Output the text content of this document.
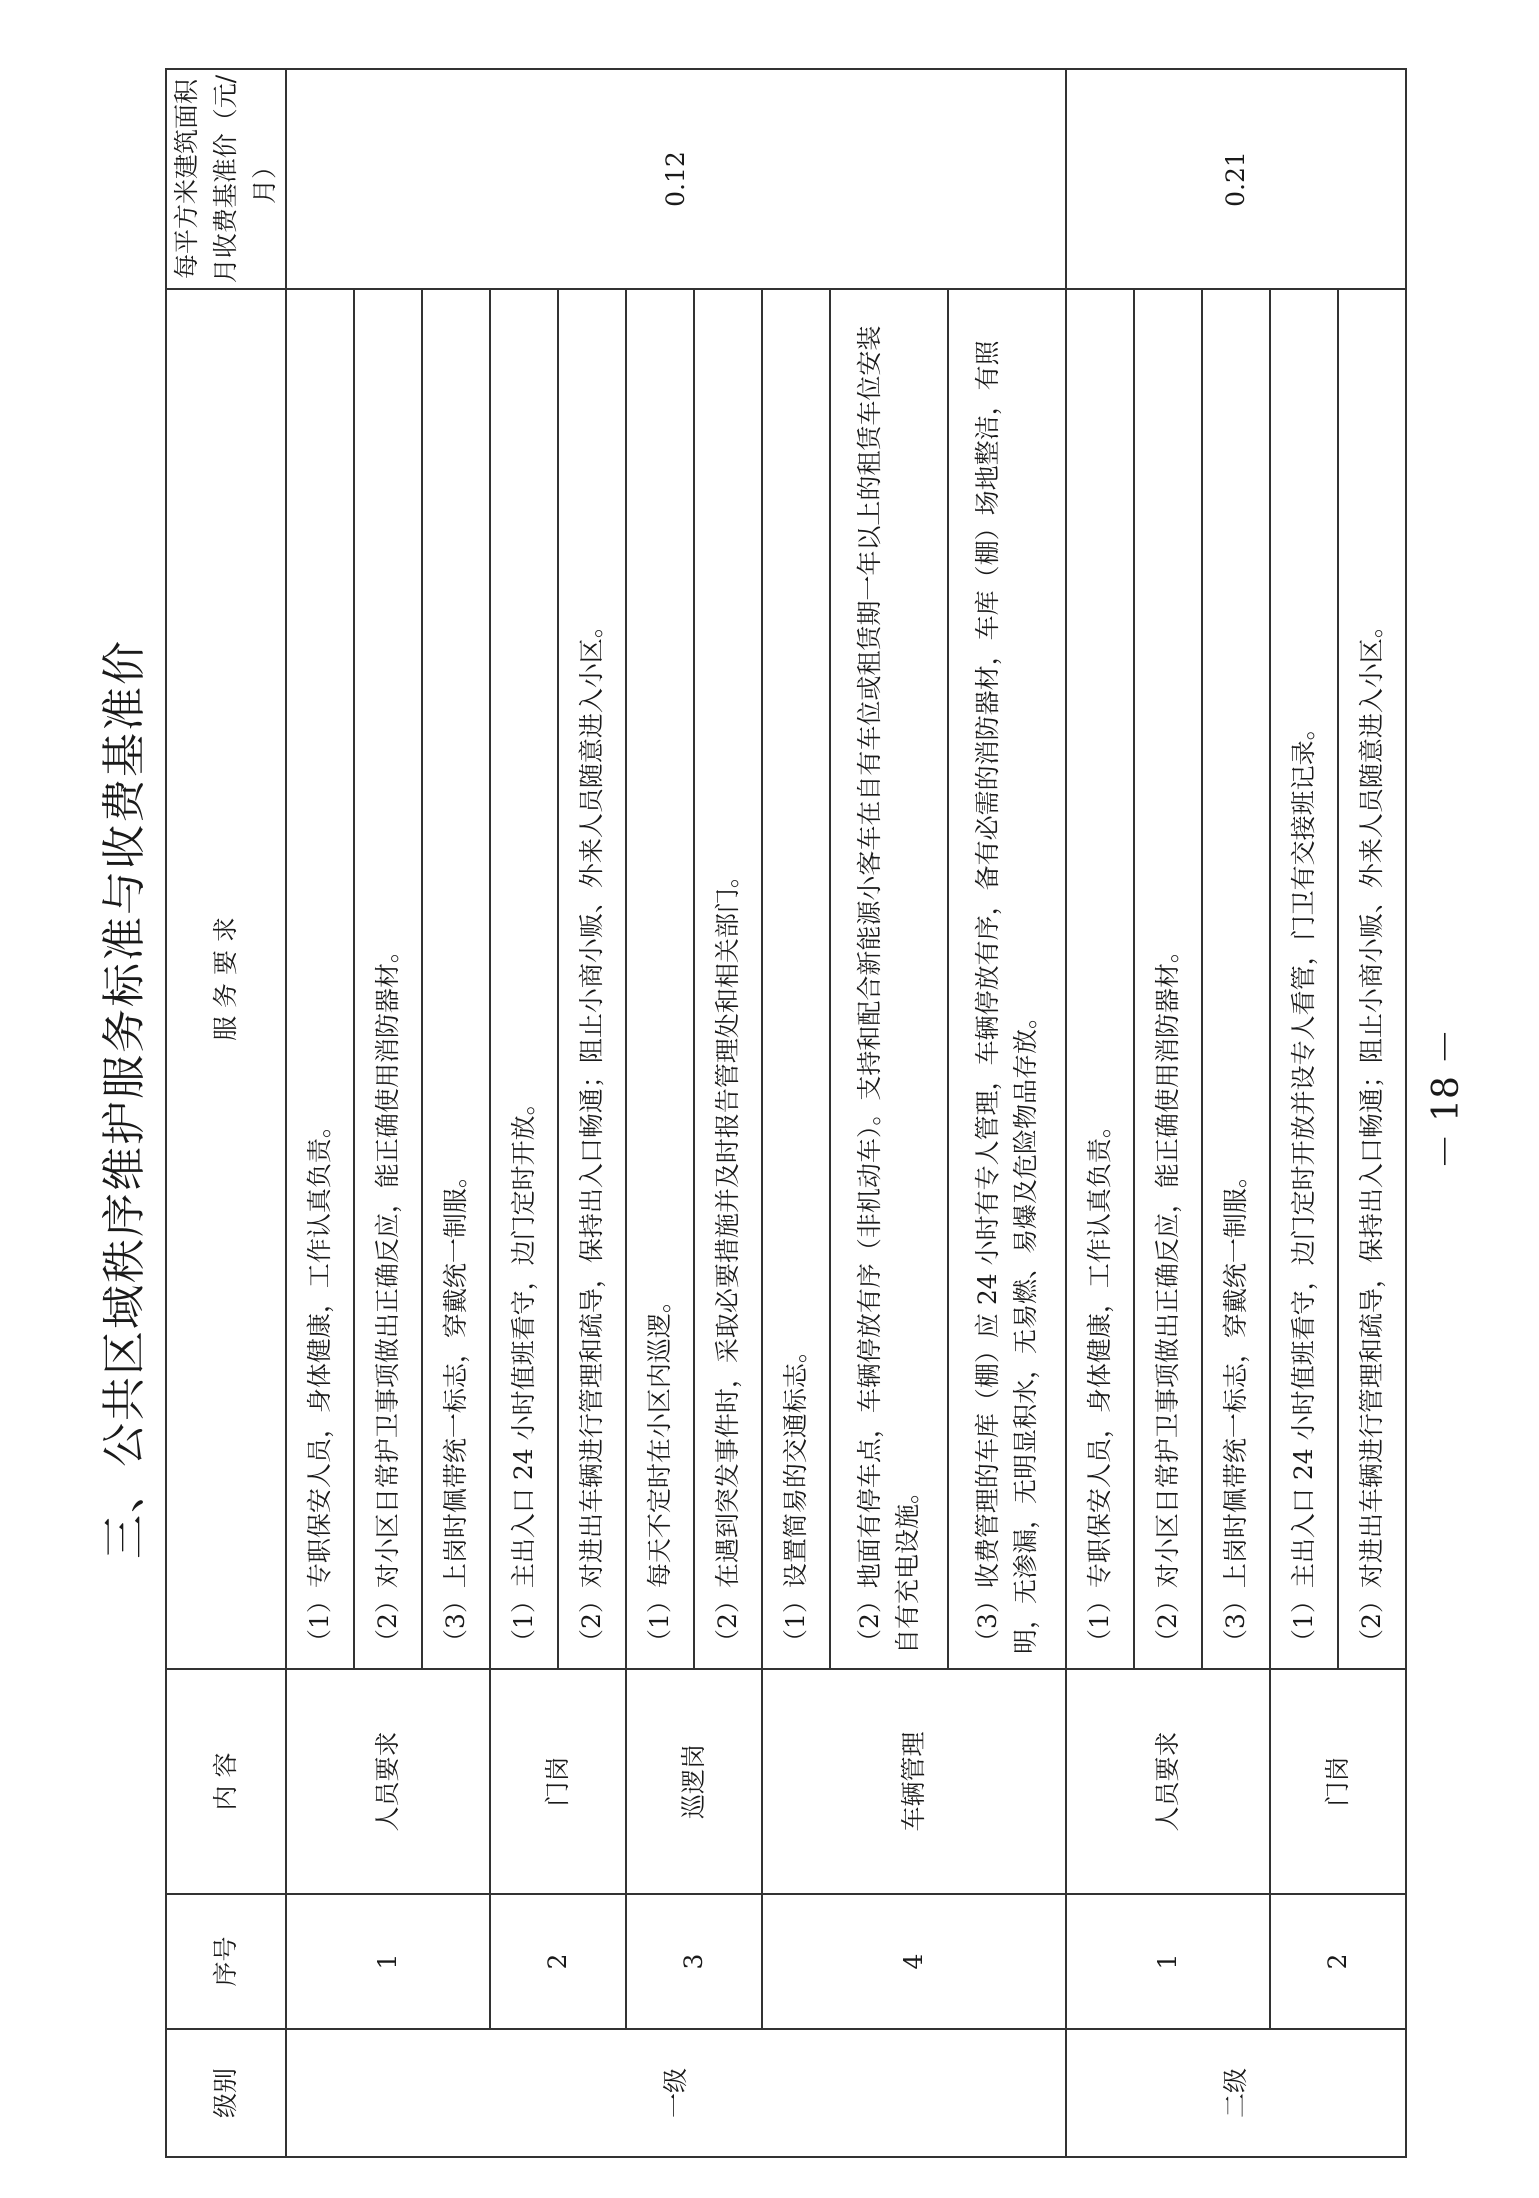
三、公共区域秩序维护服务标准与收费基准价
级别	序号	内 容	服 务 要 求	每平方米建筑面积月收费基准价（元/月）
一级	1	人员要求	（1）专职保安人员，身体健康，工作认真负责。	0.12
			（2）对小区日常护卫事项做出正确反应，能正确使用消防器材。	
			（3）上岗时佩带统一标志，穿戴统一制服。	
	2	门岗	（1）主出入口 24 小时值班看守，边门定时开放。	
			（2）对进出车辆进行管理和疏导，保持出入口畅通；阻止小商小贩、外来人员随意进入小区。	
	3	巡逻岗	（1）每天不定时在小区内巡逻。	
			（2）在遇到突发事件时，采取必要措施并及时报告管理处和相关部门。	
	4	车辆管理	（1）设置简易的交通标志。	
			（2）地面有停车点，车辆停放有序（非机动车）。支持和配合新能源小客车在自有车位或租赁期一年以上的租赁车位安装自有充电设施。	
			（3）收费管理的车库（棚）应 24 小时有专人管理，车辆停放有序，备有必需的消防器材，车库（棚）场地整洁，有照明，无渗漏，无明显积水，无易燃、易爆及危险物品存放。	
二级	1	人员要求	（1）专职保安人员，身体健康，工作认真负责。	0.21
			（2）对小区日常护卫事项做出正确反应，能正确使用消防器材。	
			（3）上岗时佩带统一标志，穿戴统一制服。	
	2	门岗	（1）主出入口 24 小时值班看守，边门定时开放并设专人看管，门卫有交接班记录。	
			（2）对进出车辆进行管理和疏导，保持出入口畅通；阻止小商小贩、外来人员随意进入小区。	－ 18 －
